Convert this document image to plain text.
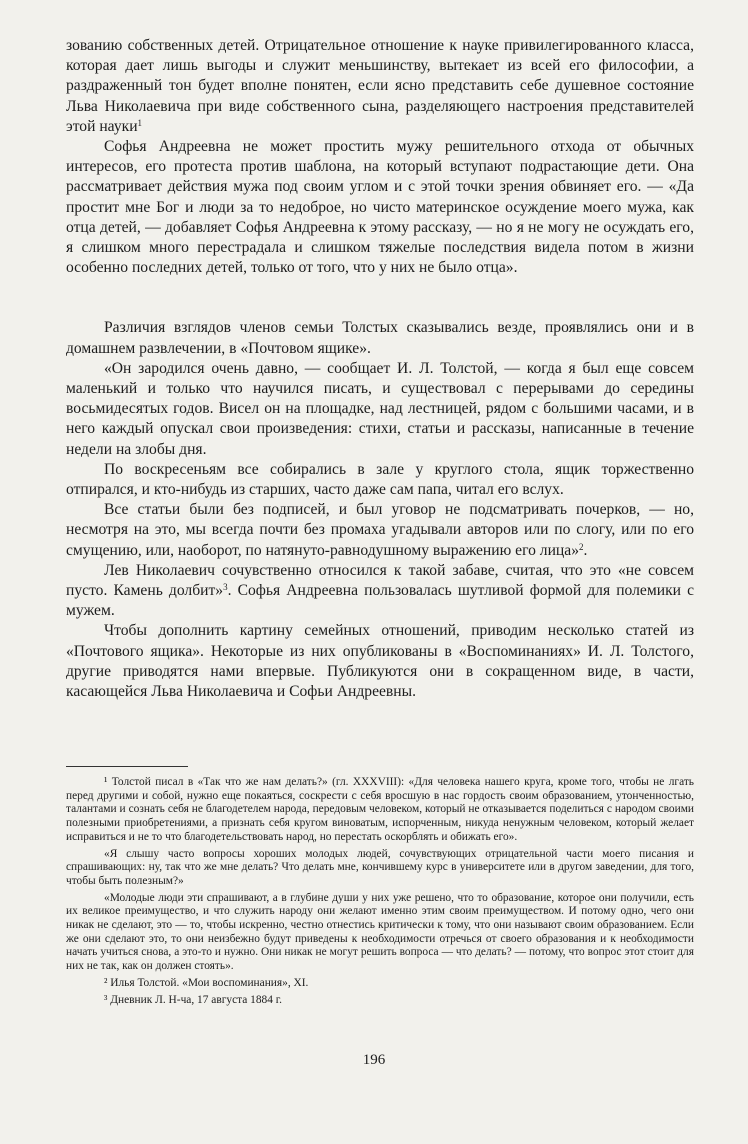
зованию собственных детей. Отрицательное отношение к науке привилегированного класса, которая дает лишь выгоды и служит меньшинству, вытекает из всей его философии, а раздраженный тон будет вполне понятен, если ясно представить себе душевное состояние Льва Николаевича при виде собственного сына, разделяющего настроения представителей этой науки$^1$

Софья Андреевна не может простить мужу решительного отхода от обычных интересов, его протеста против шаблона, на который вступают подрастающие дети. Она рассматривает действия мужа под своим углом и с этой точки зрения обвиняет его. — «Да простит мне Бог и люди за то недоброе, но чисто материнское осуждение моего мужа, как отца детей, — добавляет Софья Андреевна к этому рассказу, — но я не могу не осуждать его, я слишком много перестрадала и слишком тяжелые последствия видела потом в жизни особенно последних детей, только от того, что у них не было отца».

Различия взглядов членов семьи Толстых сказывались везде, проявлялись они и в домашнем развлечении, в «Почтовом ящике».

«Он зародился очень давно, — сообщает И. Л. Толстой, — когда я был еще совсем маленький и только что научился писать, и существовал с перерывами до середины восьмидесятых годов. Висел он на площадке, над лестницей, рядом с большими часами, и в него каждый опускал свои произведения: стихи, статьи и рассказы, написанные в течение недели на злобы дня.

По воскресеньям все собирались в зале у круглого стола, ящик торжественно отпирался, и кто-нибудь из старших, часто даже сам папа, читал его вслух.

Все статьи были без подписей, и был уговор не подсматривать почерков, — но, несмотря на это, мы всегда почти без промаха угадывали авторов или по слогу, или по его смущению, или, наоборот, по натянуто-равнодушному выражению его лица»$^2$.

Лев Николаевич сочувственно относился к такой забаве, считая, что это «не совсем пусто. Камень долбит»$^3$. Софья Андреевна пользовалась шутливой формой для полемики с мужем.

Чтобы дополнить картину семейных отношений, приводим несколько статей из «Почтового ящика». Некоторые из них опубликованы в «Воспоминаниях» И. Л. Толстого, другие приводятся нами впервые. Публикуются они в сокращенном виде, в части, касающейся Льва Николаевича и Софьи Андреевны.

¹ Толстой писал в «Так что же нам делать?» (гл. XXXVIII): «Для человека нашего круга, кроме того, чтобы не лгать перед другими и собой, нужно еще покаяться, соскрести с себя вросшую в нас гордость своим образованием, утонченностью, талантами и сознать себя не благодетелем народа, передовым человеком, который не отказывается поделиться с народом своими полезными приобретениями, а признать себя кругом виноватым, испорченным, никуда ненужным человеком, который желает исправиться и не то что благодетельствовать народ, но перестать оскорблять и обижать его».

«Я слышу часто вопросы хороших молодых людей, сочувствующих отрицательной части моего писания и спрашивающих: ну, так что же мне делать? Что делать мне, кончившему курс в университете или в другом заведении, для того, чтобы быть полезным?»

«Молодые люди эти спрашивают, а в глубине души у них уже решено, что то образование, которое они получили, есть их великое преимущество, и что служить народу они желают именно этим своим преимуществом. И потому одно, чего они никак не сделают, это — то, чтобы искренно, честно отнестись критически к тому, что они называют своим образованием. Если же они сделают это, то они неизбежно будут приведены к необходимости отречься от своего образования и к необходимости начать учиться снова, а это-то и нужно. Они никак не могут решить вопроса — что делать? — потому, что вопрос этот стоит для них не так, как он должен стоять».

² Илья Толстой. «Мои воспоминания», XI.

³ Дневник Л. Н-ча, 17 августа 1884 г.

196
